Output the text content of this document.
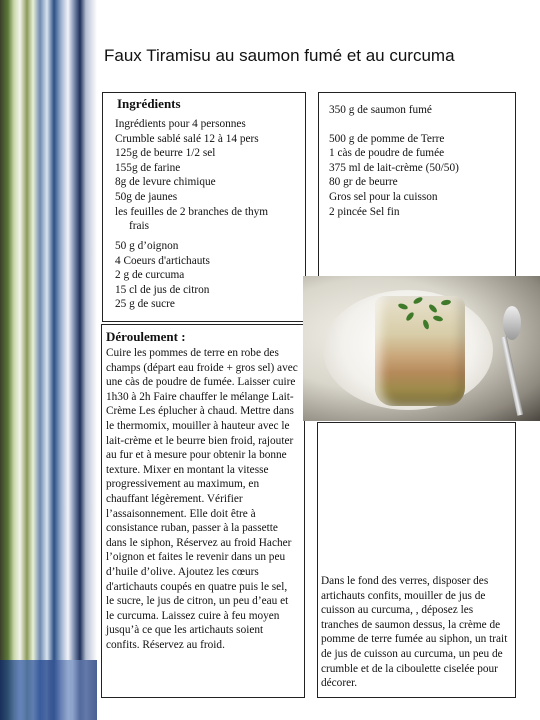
Faux Tiramisu au saumon fumé et au curcuma
Ingrédients
Ingrédients pour 4 personnes
Crumble sablé salé 12 à 14 pers
125g de beurre 1/2 sel
155g de farine
8g de levure chimique
50g de jaunes
les feuilles de 2 branches de thym
frais
50 g d’oignon
4 Coeurs d'artichauts
2 g de curcuma
15 cl de jus de citron
25 g de sucre
350 g de saumon fumé
500 g de pomme de Terre
1 càs de poudre de fumée
375 ml de lait-crème (50/50)
80 gr de beurre
Gros sel pour la cuisson
2 pincée Sel fin
Déroulement :
Cuire les pommes de terre en robe des champs (départ eau froide + gros sel) avec une càs de poudre de fumée. Laisser cuire 1h30 à 2h Faire chauffer le mélange Lait-Crème Les éplucher à chaud. Mettre dans le thermomix, mouiller à hauteur avec le lait-crème et le beurre bien froid, rajouter au fur et à mesure pour obtenir la bonne texture. Mixer en montant la vitesse progressivement au maximum, en chauffant légèrement. Vérifier l’assaisonnement. Elle doit être à consistance ruban, passer à la passette dans le siphon, Réservez au froid Hacher l’oignon et faites le revenir dans un peu d’huile d’olive. Ajoutez les cœurs d'artichauts coupés en quatre puis le sel, le sucre, le jus de citron, un peu d’eau et le curcuma. Laissez cuire à feu moyen jusqu’à ce que les artichauts soient confits. Réservez au froid.
Dans le fond des verres, disposer des artichauts confits, mouiller de jus de cuisson au curcuma, , déposez les tranches de saumon dessus, la crème de pomme de terre fumée au siphon, un trait de jus de cuisson au curcuma, un peu de crumble et de la ciboulette ciselée pour décorer.
